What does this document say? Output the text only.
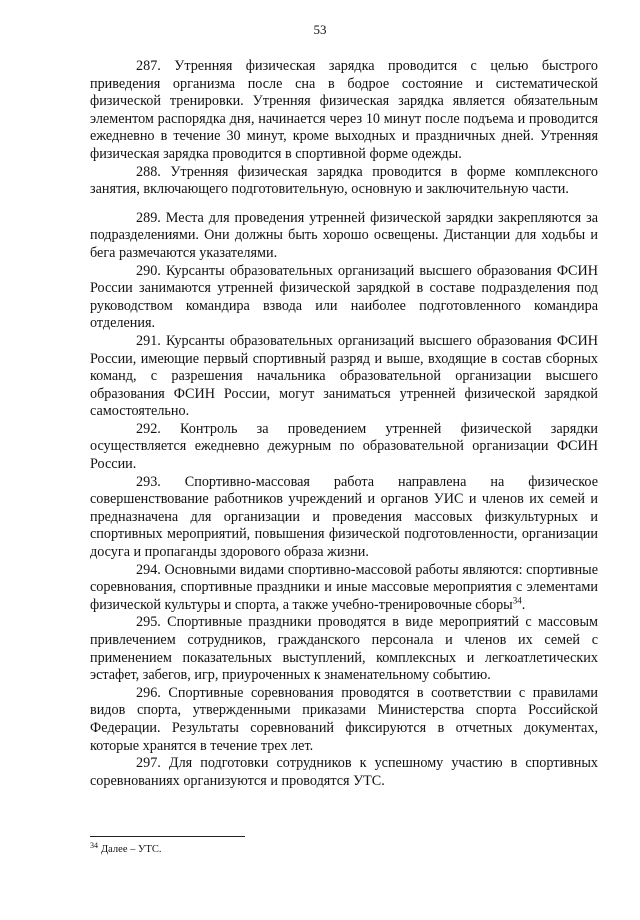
53

287. Утренняя физическая зарядка проводится с целью быстрого приведения организма после сна в бодрое состояние и систематической физической тренировки. Утренняя физическая зарядка является обязательным элементом распорядка дня, начинается через 10 минут после подъема и проводится ежедневно в течение 30 минут, кроме выходных и праздничных дней. Утренняя физическая зарядка проводится в спортивной форме одежды.

288. Утренняя физическая зарядка проводится в форме комплексного занятия, включающего подготовительную, основную и заключительную части.

289. Места для проведения утренней физической зарядки закрепляются за подразделениями. Они должны быть хорошо освещены. Дистанции для ходьбы и бега размечаются указателями.

290. Курсанты образовательных организаций высшего образования ФСИН России занимаются утренней физической зарядкой в составе подразделения под руководством командира взвода или наиболее подготовленного командира отделения.

291. Курсанты образовательных организаций высшего образования ФСИН России, имеющие первый спортивный разряд и выше, входящие в состав сборных команд, с разрешения начальника образовательной организации высшего образования ФСИН России, могут заниматься утренней физической зарядкой самостоятельно.

292. Контроль за проведением утренней физической зарядки осуществляется ежедневно дежурным по образовательной организации ФСИН России.

293. Спортивно-массовая работа направлена на физическое совершенствование работников учреждений и органов УИС и членов их семей и предназначена для организации и проведения массовых физкультурных и спортивных мероприятий, повышения физической подготовленности, организации досуга и пропаганды здорового образа жизни.

294. Основными видами спортивно-массовой работы являются: спортивные соревнования, спортивные праздники и иные массовые мероприятия с элементами физической культуры и спорта, а также учебно-тренировочные сборы$^{34}$.

295. Спортивные праздники проводятся в виде мероприятий с массовым привлечением сотрудников, гражданского персонала и членов их семей с применением показательных выступлений, комплексных и легкоатлетических эстафет, забегов, игр, приуроченных к знаменательному событию.

296. Спортивные соревнования проводятся в соответствии с правилами видов спорта, утвержденными приказами Министерства спорта Российской Федерации. Результаты соревнований фиксируются в отчетных документах, которые хранятся в течение трех лет.

297. Для подготовки сотрудников к успешному участию в спортивных соревнованиях организуются и проводятся УТС.

$^{34}$ Далее – УТС.
